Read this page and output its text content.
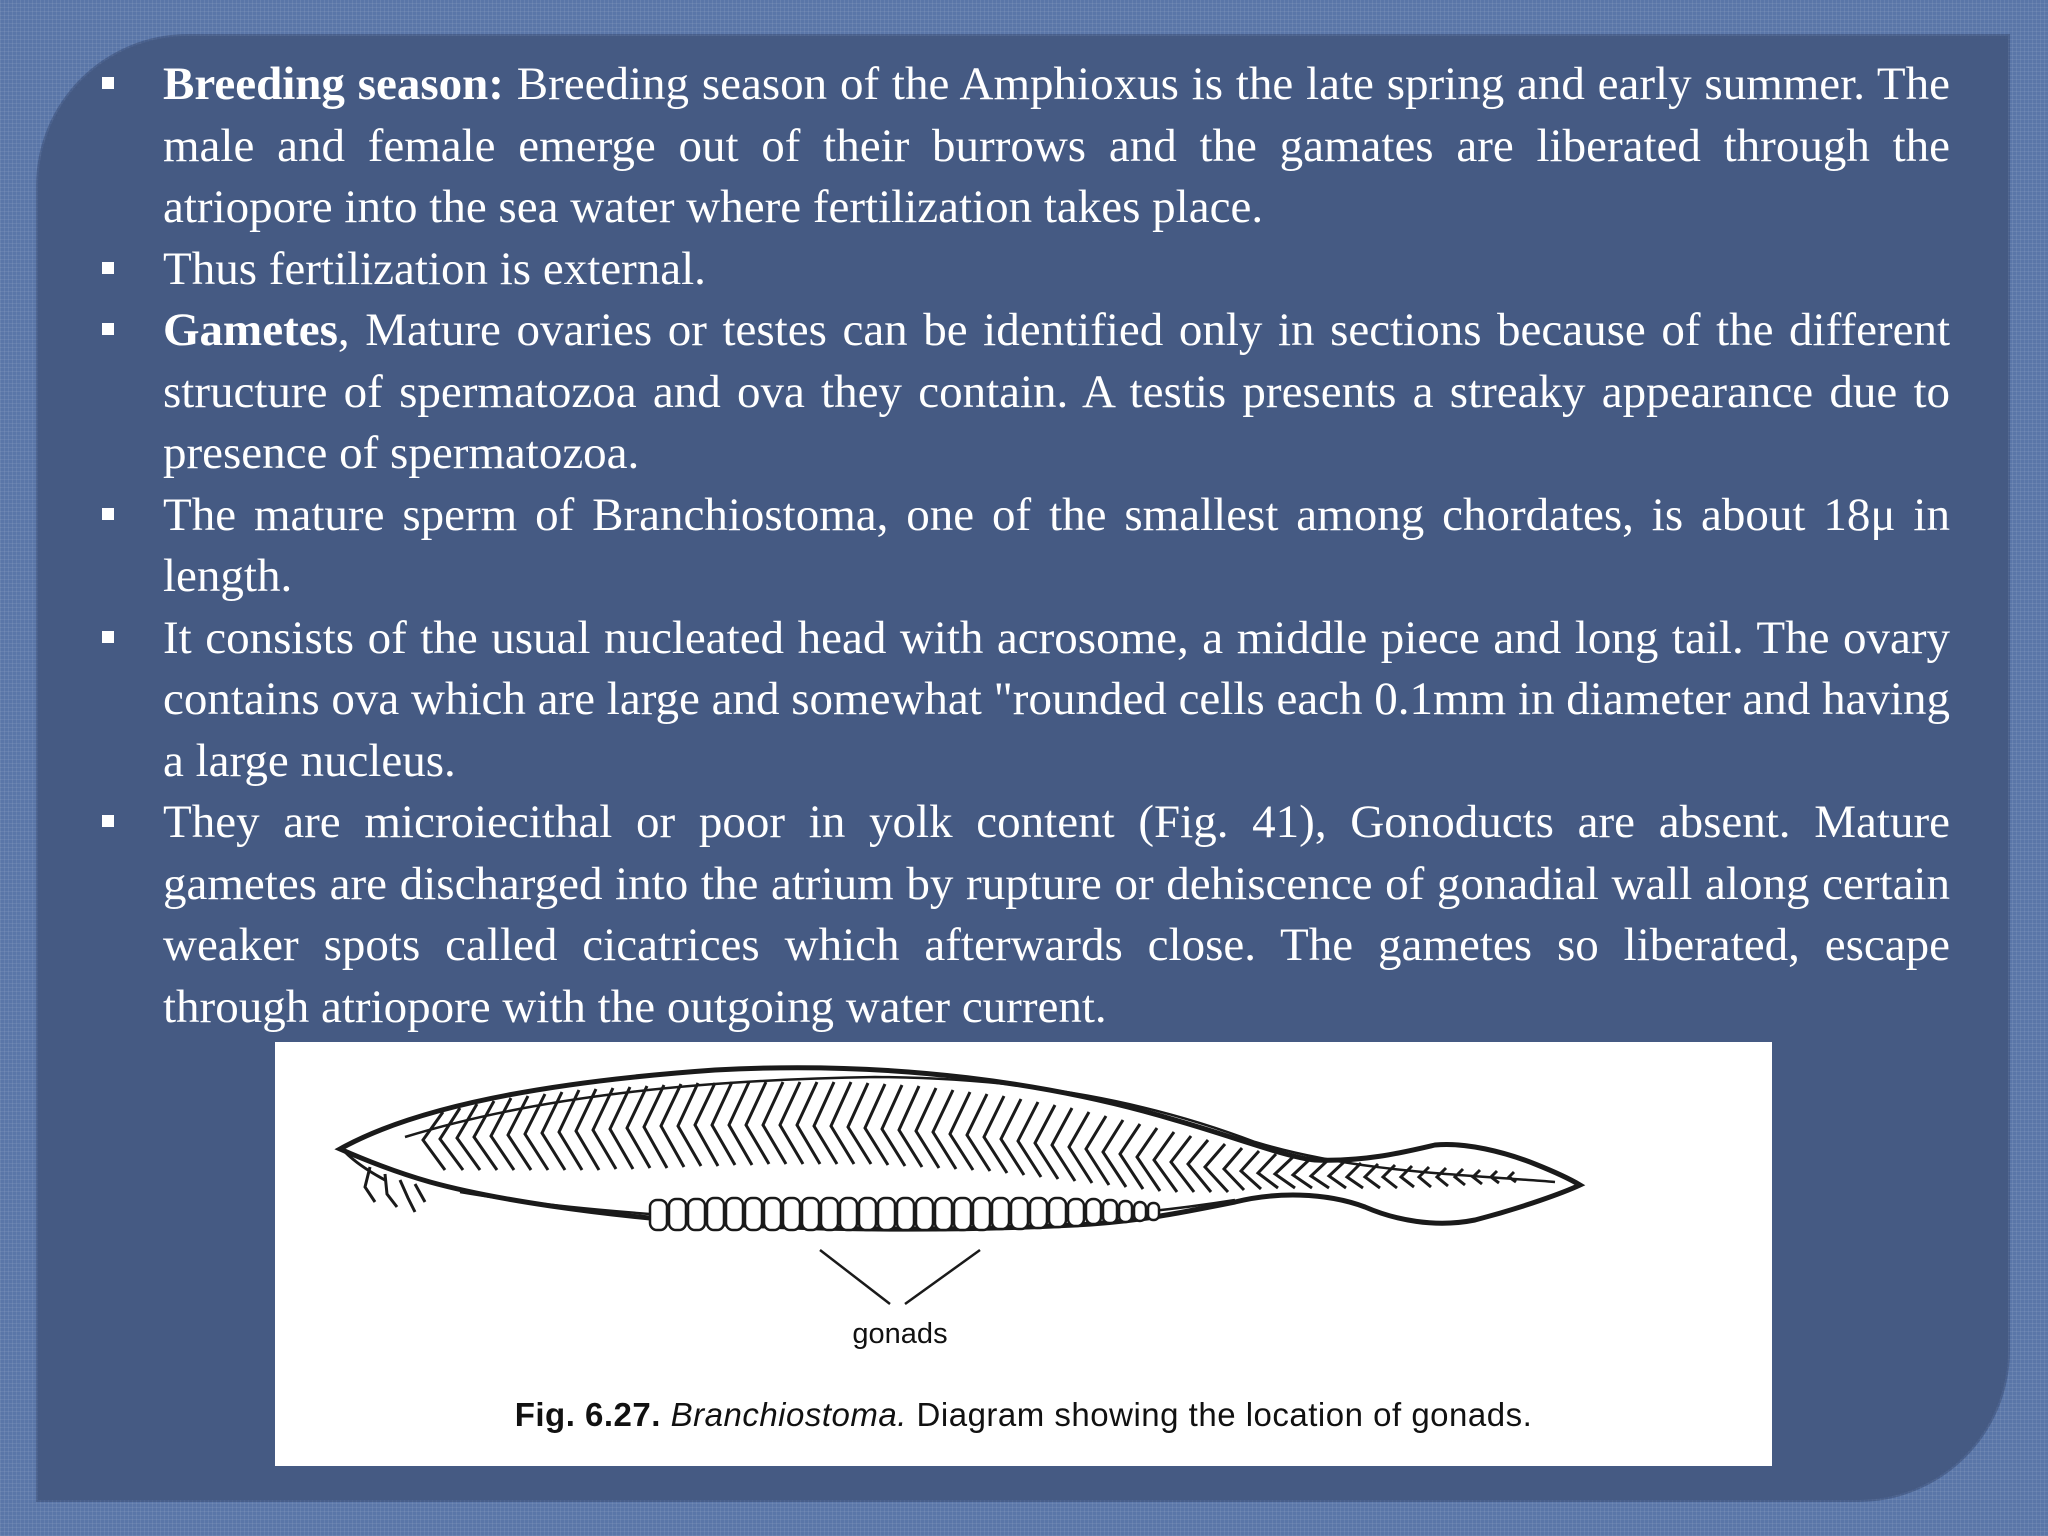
Breeding season: Breeding season of the Amphioxus is the late spring and early summer. The male and female emerge out of their burrows and the gamates are liberated through the atriopore into the sea water where fertilization takes place.
Thus fertilization is external.
Gametes, Mature ovaries or testes can be identified only in sections because of the different structure of spermatozoa and ova they contain. A testis presents a streaky appearance due to presence of spermatozoa.
The mature sperm of Branchiostoma, one of the smallest among chordates, is about 18μ in length.
It consists of the usual nucleated head with acrosome, a middle piece and long tail. The ovary contains ova which are large and somewhat "rounded cells each 0.1mm in diameter and having a large nucleus.
They are microiecithal or poor in yolk content (Fig. 41), Gonoducts are absent. Mature gametes are discharged into the atrium by rupture or dehiscence of gonadial wall along certain weaker spots called cicatrices which afterwards close. The gametes so liberated, escape through atriopore with the outgoing water current.
gonads
Fig. 6.27. Branchiostoma. Diagram showing the location of gonads.
